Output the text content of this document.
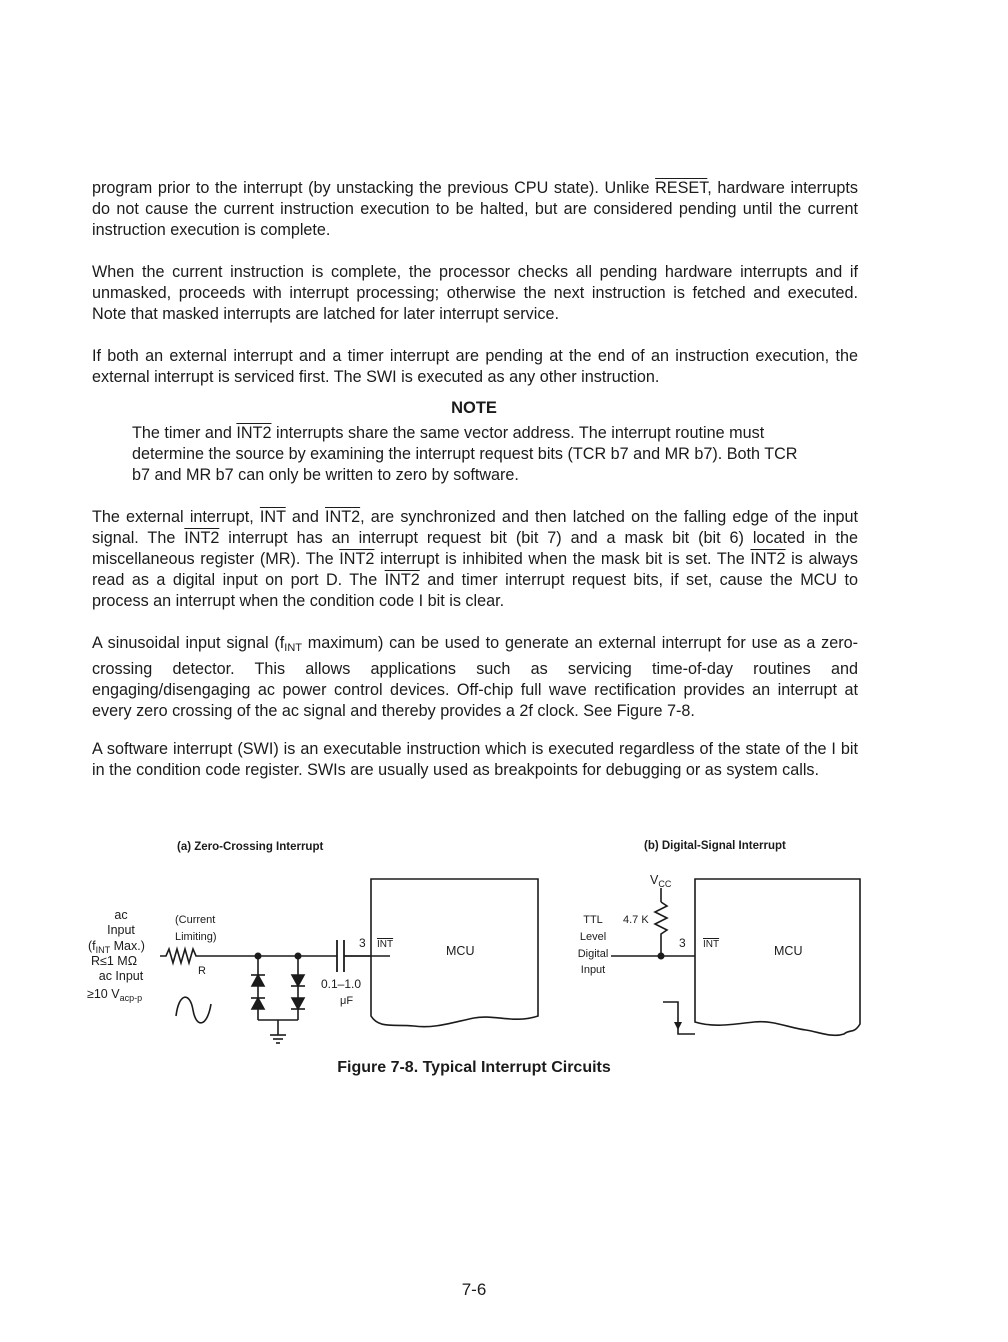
program prior to the interrupt (by unstacking the previous CPU state). Unlike RESET, hardware interrupts do not cause the current instruction execution to be halted, but are considered pending until the current instruction execution is complete.

When the current instruction is complete, the processor checks all pending hardware interrupts and if unmasked, proceeds with interrupt processing; otherwise the next instruction is fetched and executed. Note that masked interrupts are latched for later interrupt service.

If both an external interrupt and a timer interrupt are pending at the end of an instruction execution, the external interrupt is serviced first. The SWI is executed as any other instruction.

NOTE

The timer and INT2 interrupts share the same vector address. The interrupt routine must determine the source by examining the interrupt request bits (TCR b7 and MR b7). Both TCR b7 and MR b7 can only be written to zero by software.

The external interrupt, $\overline{INT}$ and INT2, are synchronized and then latched on the falling edge of the input signal. The INT2 interrupt has an interrupt request bit (bit 7) and a mask bit (bit 6) located in the miscellaneous register (MR). The INT2 interrupt is inhibited when the mask bit is set. The INT2 is always read as a digital input on port D. The INT2 and timer interrupt request bits, if set, cause the MCU to process an interrupt when the condition code I bit is clear.

A sinusoidal input signal ($f_{INT}$ maximum) can be used to generate an external interrupt for use as a zero-crossing detector. This allows applications such as servicing time-of-day routines and engaging/disengaging ac power control devices. Off-chip full wave rectification provides an interrupt at every zero crossing of the ac signal and thereby provides a 2f clock. See Figure 7-8.

A software interrupt (SWI) is an executable instruction which is executed regardless of the state of the I bit in the condition code register. SWIs are usually used as breakpoints for debugging or as system calls.

(a) Zero-Crossing Interrupt
ac
Input
($f_{INT}$ Max.)
R≤1 MΩ
ac Input
≥10 $V_{acp-p}$
(Current
Limiting)
R
0.1–1.0
μF
3 INT	MCU
(b) Digital-Signal Interrupt
$V_{CC}$
4.7 K
TTL
Level
Digital
Input
3 INT	MCU

Figure 7-8. Typical Interrupt Circuits

7-6
